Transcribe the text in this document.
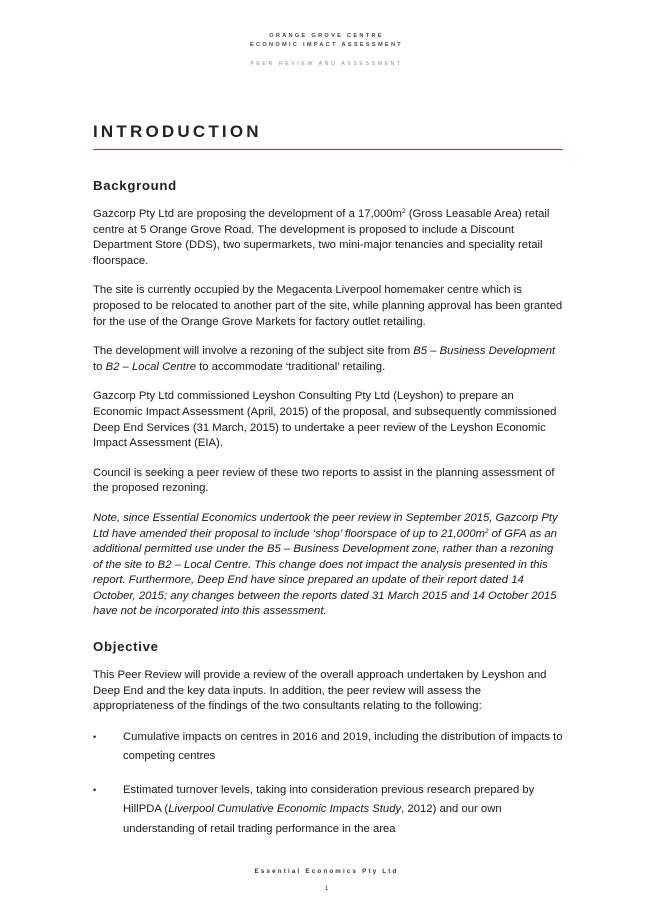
ORANGE GROVE CENTRE
ECONOMIC IMPACT ASSESSMENT
PEER REVIEW AND ASSESSMENT
INTRODUCTION
Background

Gazcorp Pty Ltd are proposing the development of a $17,000m^2$ (Gross Leasable Area) retail centre at 5 Orange Grove Road. The development is proposed to include a Discount Department Store (DDS), two supermarkets, two mini-major tenancies and speciality retail floorspace.

The site is currently occupied by the Megacenta Liverpool homemaker centre which is proposed to be relocated to another part of the site, while planning approval has been granted for the use of the Orange Grove Markets for factory outlet retailing.

The development will involve a rezoning of the subject site from B5 – Business Development to B2 – Local Centre to accommodate ‘traditional’ retailing.

Gazcorp Pty Ltd commissioned Leyshon Consulting Pty Ltd (Leyshon) to prepare an Economic Impact Assessment (April, 2015) of the proposal, and subsequently commissioned Deep End Services (31 March, 2015) to undertake a peer review of the Leyshon Economic Impact Assessment (EIA).

Council is seeking a peer review of these two reports to assist in the planning assessment of the proposed rezoning.

Note, since Essential Economics undertook the peer review in September 2015, Gazcorp Pty Ltd have amended their proposal to include ‘shop’ floorspace of up to $21,000m^2$ of GFA as an additional permitted use under the B5 – Business Development zone, rather than a rezoning of the site to B2 – Local Centre. This change does not impact the analysis presented in this report. Furthermore, Deep End have since prepared an update of their report dated 14 October, 2015; any changes between the reports dated 31 March 2015 and 14 October 2015 have not be incorporated into this assessment.

Objective

This Peer Review will provide a review of the overall approach undertaken by Leyshon and Deep End and the key data inputs. In addition, the peer review will assess the appropriateness of the findings of the two consultants relating to the following:

• Cumulative impacts on centres in 2016 and 2019, including the distribution of impacts to competing centres
• Estimated turnover levels, taking into consideration previous research prepared by HillPDA (Liverpool Cumulative Economic Impacts Study, 2012) and our own understanding of retail trading performance in the area
Essential Economics Pty Ltd
1
